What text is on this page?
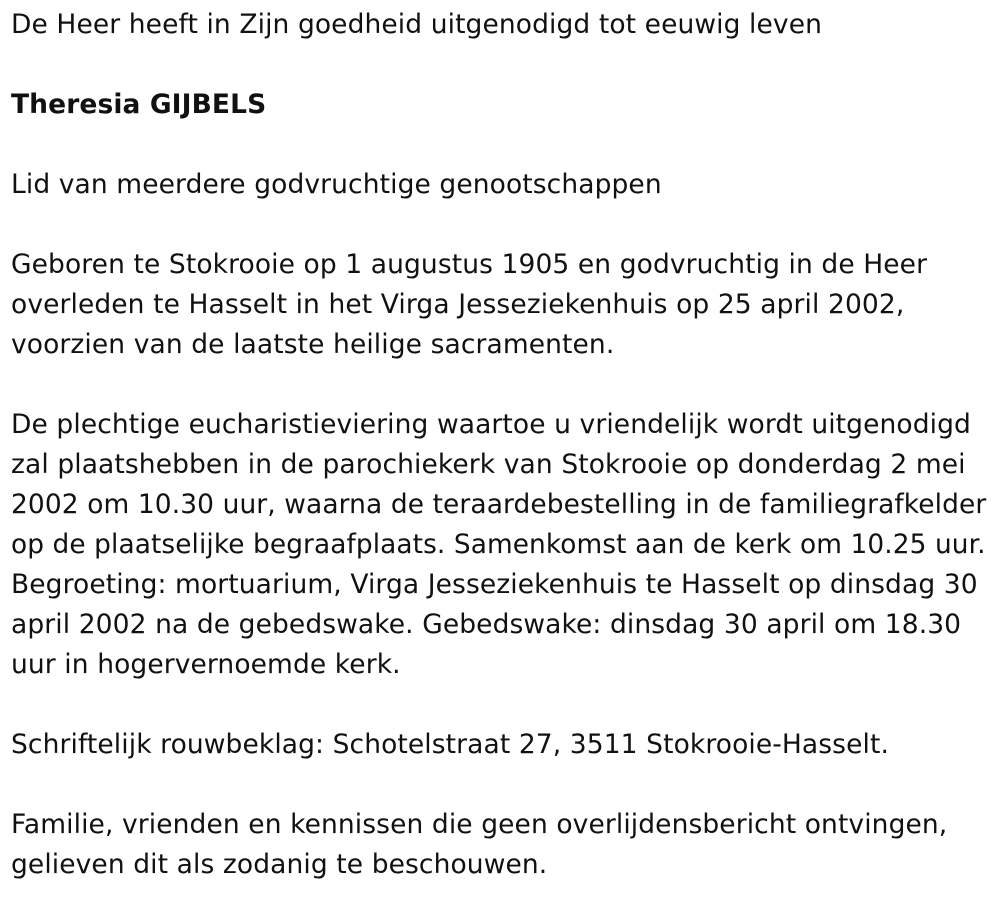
De Heer heeft in Zijn goedheid uitgenodigd tot eeuwig leven
Theresia GIJBELS
Lid van meerdere godvruchtige genootschappen
Geboren te Stokrooie op 1 augustus 1905 en godvruchtig in de Heer
overleden te Hasselt in het Virga Jesseziekenhuis op 25 april 2002,
voorzien van de laatste heilige sacramenten.
De plechtige eucharistieviering waartoe u vriendelijk wordt uitgenodigd
zal plaatshebben in de parochiekerk van Stokrooie op donderdag 2 mei
2002 om 10.30 uur, waarna de teraardebestelling in de familiegrafkelder
op de plaatselijke begraafplaats. Samenkomst aan de kerk om 10.25 uur.
Begroeting: mortuarium, Virga Jesseziekenhuis te Hasselt op dinsdag 30
april 2002 na de gebedswake. Gebedswake: dinsdag 30 april om 18.30
uur in hogervernoemde kerk.
Schriftelijk rouwbeklag: Schotelstraat 27, 3511 Stokrooie-Hasselt.
Familie, vrienden en kennissen die geen overlijdensbericht ontvingen,
gelieven dit als zodanig te beschouwen.
